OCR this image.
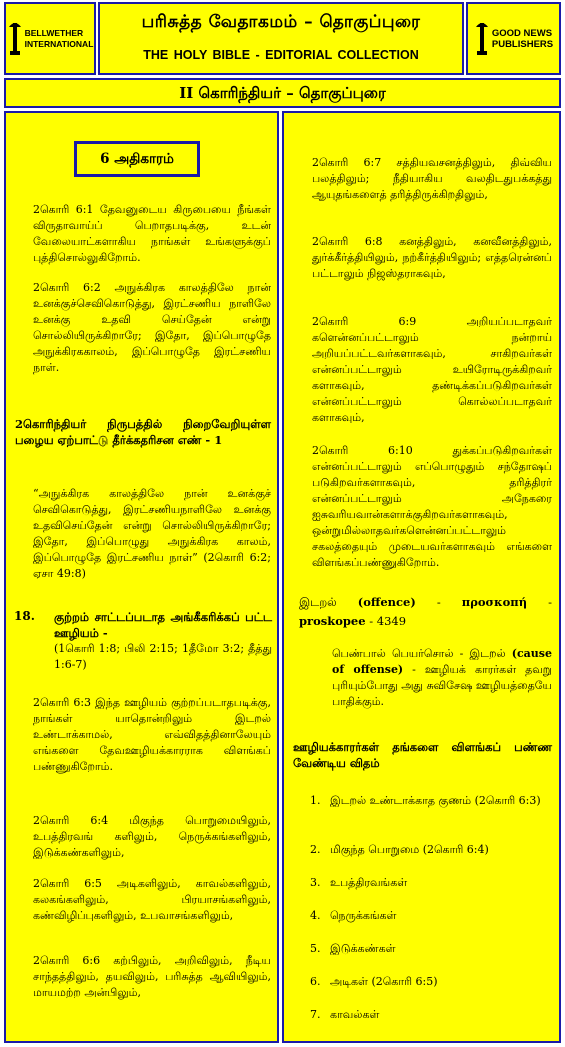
BELLWETHER
INTERNATIONAL
பரிசுத்த வேதாகமம் – தொகுப்புரை
THE HOLY BIBLE - EDITORIAL COLLECTION
GOOD NEWS
PUBLISHERS
II கொரிந்தியர் – தொகுப்புரை
6 அதிகாரம்
2கொரி 6:1 தேவனுடைய கிருபையை நீங்கள் விருதாவாய்ப் பெறாதபடிக்கு, உடன் வேலையாட்களாகிய நாங்கள் உங்களுக்குப் புத்திசொல்லுகிறோம்.
2கொரி 6:2 அநுக்கிரக காலத்திலே நான் உனக்குச்செவிகொடுத்து, இரட்சணிய நாளிலே உனக்கு உதவி செய்தேன் என்று சொல்லியிருக்கிறாரே; இதோ, இப்பொழுதே அநுக்கிரககாலம், இப்பொழுதே இரட்சணிய நாள்.
2கொரிந்தியர் நிருபத்தில் நிறைவேறியுள்ள பழைய ஏற்பாட்டு தீர்க்கதரிசன எண் - 1
“அநுக்கிரக காலத்திலே நான் உனக்குச் செவிகொடுத்து, இரட்சணியநாளிலே உனக்கு உதவிசெய்தேன் என்று சொல்லியிருக்கிறாரே; இதோ, இப்பொழுது அநுக்கிரக காலம், இப்பொழுதே இரட்சணிய நாள்” (2கொரி 6:2; ஏசா 49:8)
18. குற்றம் சாட்டப்படாத அங்கீகரிக்கப் பட்ட ஊழியம் -
(1கொரி 1:8; பிலி 2:15; 1தீமோ 3:2; தீத்து 1:6-7)
2கொரி 6:3 இந்த ஊழியம் குற்றப்படாதபடிக்கு, நாங்கள் யாதொன்றிலும் இடறல் உண்டாக்காமல், எவ்விதத்தினாலேயும் எங்களை தேவஊழியக்காரராக விளங்கப் பண்ணுகிறோம்.
2கொரி 6:4 மிகுந்த பொறுமையிலும், உபத்திரவங் களிலும், நெருக்கங்களிலும், இடுக்கண்களிலும்,
2கொரி 6:5 அடிகளிலும், காவல்களிலும், கலகங்களிலும், பிரயாசங்களிலும், கண்விழிப்புகளிலும், உபவாசங்களிலும்,
2கொரி 6:6 கற்பிலும், அறிவிலும், நீடிய சாந்தத்திலும், தயவிலும், பரிசுத்த ஆவியிலும், மாயமற்ற அன்பிலும்,
2கொரி 6:7 சத்தியவசனத்திலும், திவ்விய பலத்திலும்; நீதியாகிய வலதிடதுபக்கத்து ஆயுதங்களைத் தரித்திருக்கிறதிலும்,
2கொரி 6:8 கனத்திலும், கனவீனத்திலும், துர்க்கீர்த்தியிலும், நற்கீர்த்தியிலும்; எத்தரென்னப் பட்டாலும் நிஜஸ்தராகவும்,
2கொரி 6:9 அறியப்படாதவர் களென்னப்பட்டாலும் நன்றாய் அறியப்பட்டவர்களாகவும், சாகிறவர்கள் என்னப்பட்டாலும் உயிரோடிருக்கிறவர் களாகவும், தண்டிக்கப்படுகிறவர்கள் என்னப்பட்டாலும் கொல்லப்படாதவர் களாகவும்,
2கொரி 6:10 துக்கப்படுகிறவர்கள் என்னப்பட்டாலும் எப்பொழுதும் சந்தோஷப் படுகிறவர்களாகவும், தரித்திரர் என்னப்பட்டாலும் அநேகரை ஐசுவரியவான்களாக்குகிறவர்களாகவும், ஒன்றுமில்லாதவர்களென்னப்பட்டாலும் சகலத்தையும் முடையவர்களாகவும் எங்களை விளங்கப்பண்ணுகிறோம்.
இடறல் (offence) - προσκοπή - proskopee - 4349
பெண்பால் பெயர்சொல் - இடறல் (cause of offense) - ஊழியக் காரர்கள் தவறு புரியும்போது அது சுவிசேஷ ஊழியத்தையே பாதிக்கும்.
ஊழியக்காரர்கள் தங்களை விளங்கப் பண்ண வேண்டிய விதம்
1. இடறல் உண்டாக்காத குணம் (2கொரி 6:3)
2. மிகுந்த பொறுமை (2கொரி 6:4)
3. உபத்திரவங்கள்
4. நெருக்கங்கள்
5. இடுக்கண்கள்
6. அடிகள் (2கொரி 6:5)
7. காவல்கள்
